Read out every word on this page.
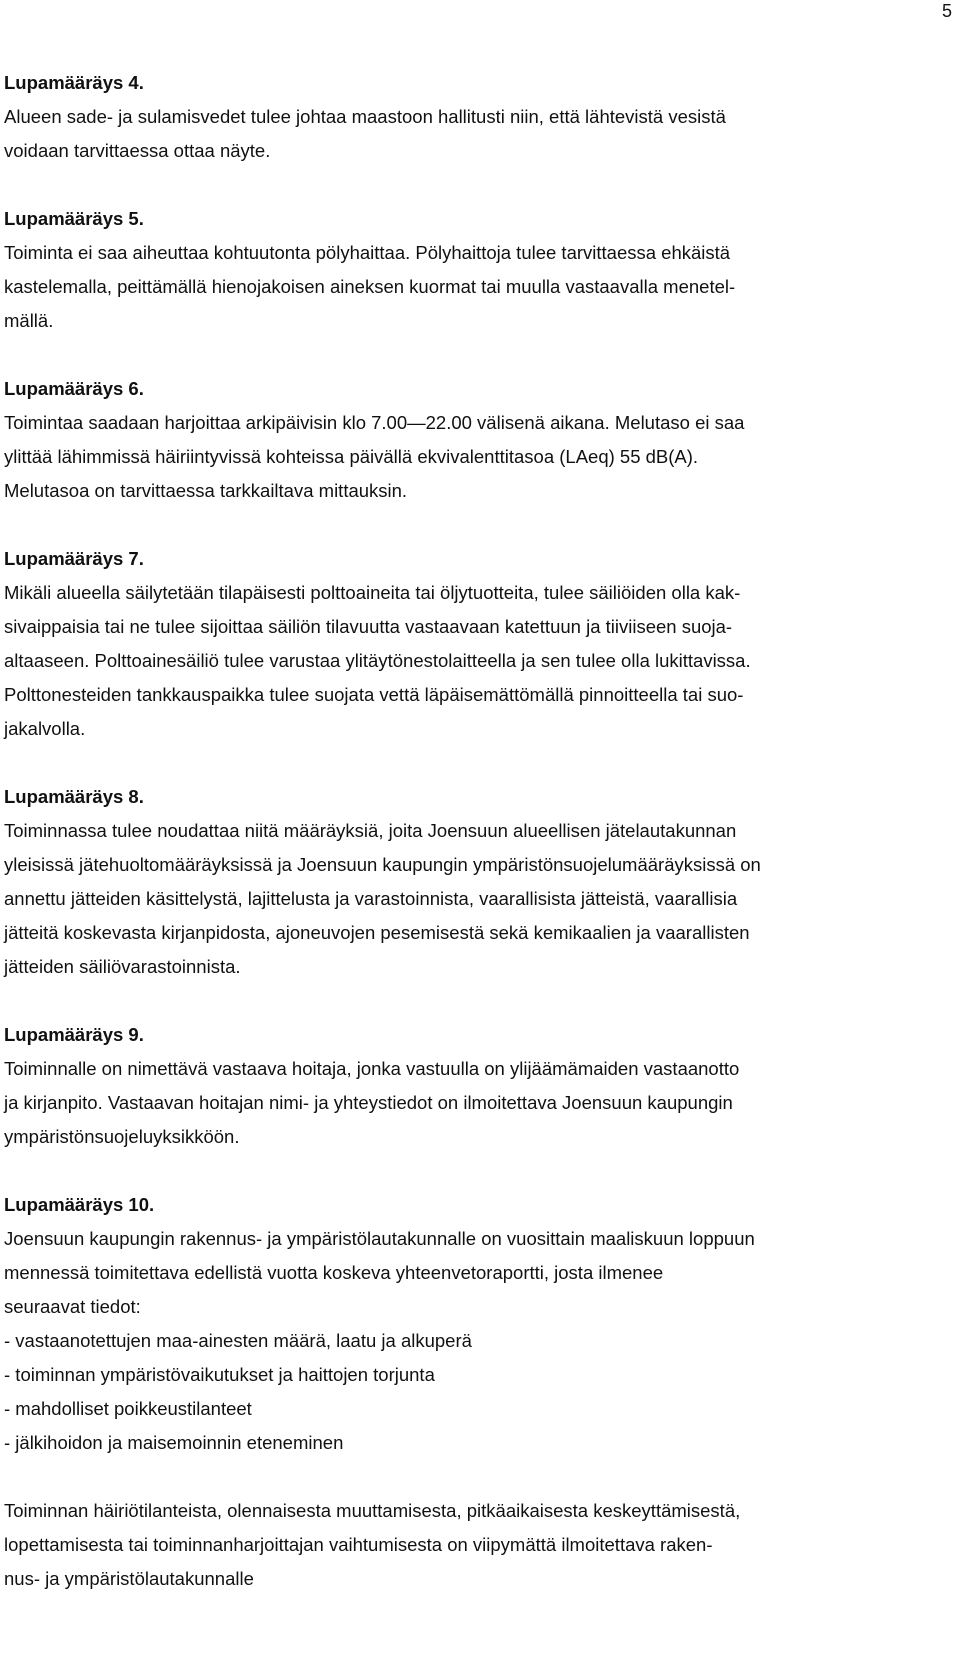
5
Lupamääräys 4.
Alueen sade- ja sulamisvedet tulee johtaa maastoon hallitusti niin, että lähtevistä vesistä
voidaan tarvittaessa ottaa näyte.
Lupamääräys 5.
Toiminta ei saa aiheuttaa kohtuutonta pölyhaittaa. Pölyhaittoja tulee tarvittaessa ehkäistä
kastelemalla, peittämällä hienojakoisen aineksen kuormat tai muulla vastaavalla menetel-
mällä.
Lupamääräys 6.
Toimintaa saadaan harjoittaa arkipäivisin klo 7.00—22.00 välisenä aikana. Melutaso ei saa
ylittää lähimmissä häiriintyvissä kohteissa päivällä ekvivalenttitasoa (LAeq) 55 dB(A).
Melutasoa on tarvittaessa tarkkailtava mittauksin.
Lupamääräys 7.
Mikäli alueella säilytetään tilapäisesti polttoaineita tai öljytuotteita, tulee säiliöiden olla kak-
sivaippaisia tai ne tulee sijoittaa säiliön tilavuutta vastaavaan katettuun ja tiiviiseen suoja-
altaaseen. Polttoainesäiliö tulee varustaa ylitäytönestolaitteella ja sen tulee olla lukittavissa.
Polttonesteiden tankkauspaikka tulee suojata vettä läpäisemättömällä pinnoitteella tai suo-
jakalvolla.
Lupamääräys 8.
Toiminnassa tulee noudattaa niitä määräyksiä, joita Joensuun alueellisen jätelautakunnan
yleisissä jätehuoltomääräyksissä ja Joensuun kaupungin ympäristönsuojelumääräyksissä on
annettu jätteiden käsittelystä, lajittelusta ja varastoinnista, vaarallisista jätteistä, vaarallisia
jätteitä koskevasta kirjanpidosta, ajoneuvojen pesemisestä sekä kemikaalien ja vaarallisten
jätteiden säiliövarastoinnista.
Lupamääräys 9.
Toiminnalle on nimettävä vastaava hoitaja, jonka vastuulla on ylijäämämaiden vastaanotto
ja kirjanpito. Vastaavan hoitajan nimi- ja yhteystiedot on ilmoitettava Joensuun kaupungin
ympäristönsuojeluyksikköön.
Lupamääräys 10.
Joensuun kaupungin rakennus- ja ympäristölautakunnalle on vuosittain maaliskuun loppuun
mennessä toimitettava edellistä vuotta koskeva yhteenvetoraportti, josta ilmenee
seuraavat tiedot:
- vastaanotettujen maa-ainesten määrä, laatu ja alkuperä
- toiminnan ympäristövaikutukset ja haittojen torjunta
- mahdolliset poikkeustilanteet
- jälkihoidon ja maisemoinnin eteneminen
Toiminnan häiriötilanteista, olennaisesta muuttamisesta, pitkäaikaisesta keskeyttämisestä,
lopettamisesta tai toiminnanharjoittajan vaihtumisesta on viipymättä ilmoitettava raken-
nus- ja ympäristölautakunnalle
